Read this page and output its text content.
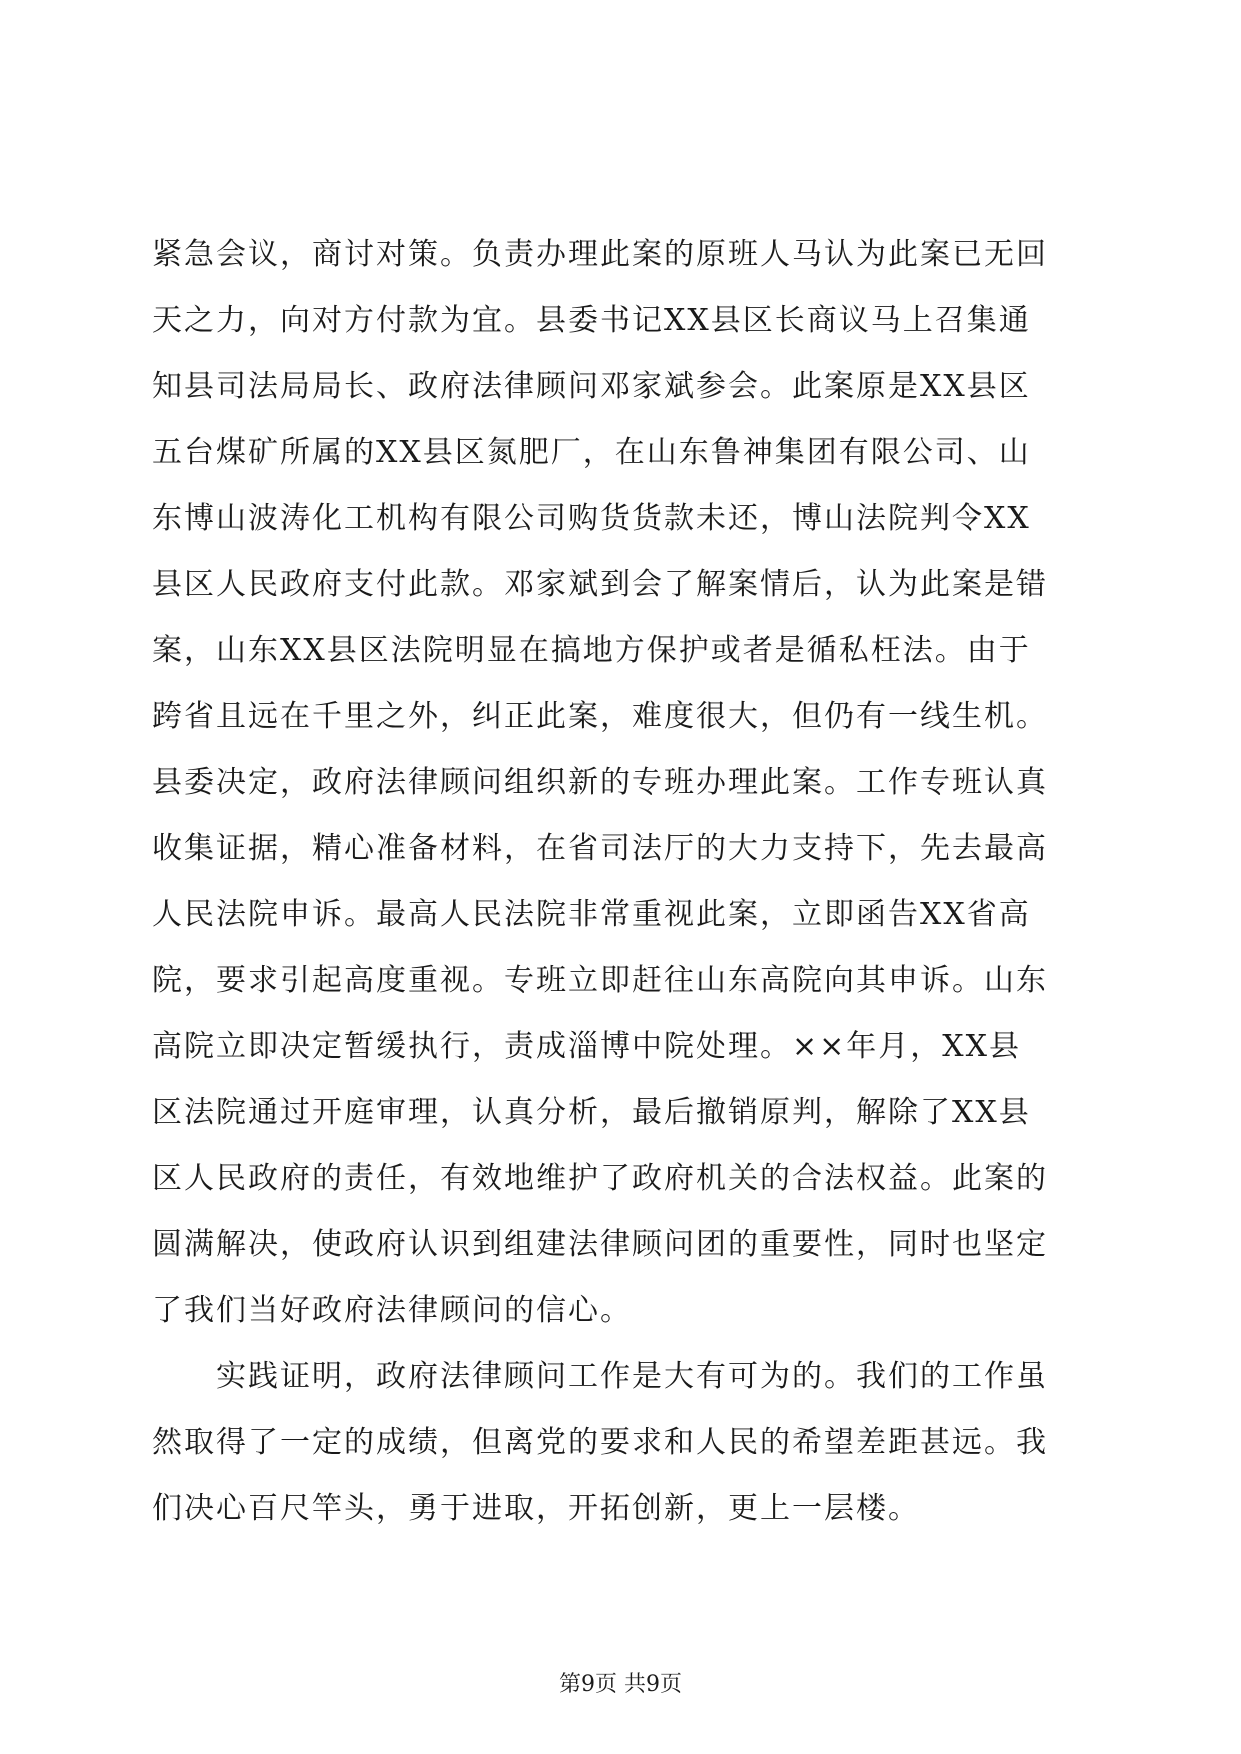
紧急会议，商讨对策。负责办理此案的原班人马认为此案已无回
天之力，向对方付款为宜。县委书记XX县区长商议马上召集通
知县司法局局长、政府法律顾问邓家斌参会。此案原是XX县区
五台煤矿所属的XX县区氮肥厂，在山东鲁神集团有限公司、山
东博山波涛化工机构有限公司购货货款未还，博山法院判令XX
县区人民政府支付此款。邓家斌到会了解案情后，认为此案是错
案，山东XX县区法院明显在搞地方保护或者是循私枉法。由于
跨省且远在千里之外，纠正此案，难度很大，但仍有一线生机。
县委决定，政府法律顾问组织新的专班办理此案。工作专班认真
收集证据，精心准备材料，在省司法厅的大力支持下，先去最高
人民法院申诉。最高人民法院非常重视此案，立即函告XX省高
院，要求引起高度重视。专班立即赶往山东高院向其申诉。山东
高院立即决定暂缓执行，责成淄博中院处理。××年月，XX县
区法院通过开庭审理，认真分析，最后撤销原判，解除了XX县
区人民政府的责任，有效地维护了政府机关的合法权益。此案的
圆满解决，使政府认识到组建法律顾问团的重要性，同时也坚定
了我们当好政府法律顾问的信心。
　　实践证明，政府法律顾问工作是大有可为的。我们的工作虽
然取得了一定的成绩，但离党的要求和人民的希望差距甚远。我
们决心百尺竿头，勇于进取，开拓创新，更上一层楼。
第9页 共9页
